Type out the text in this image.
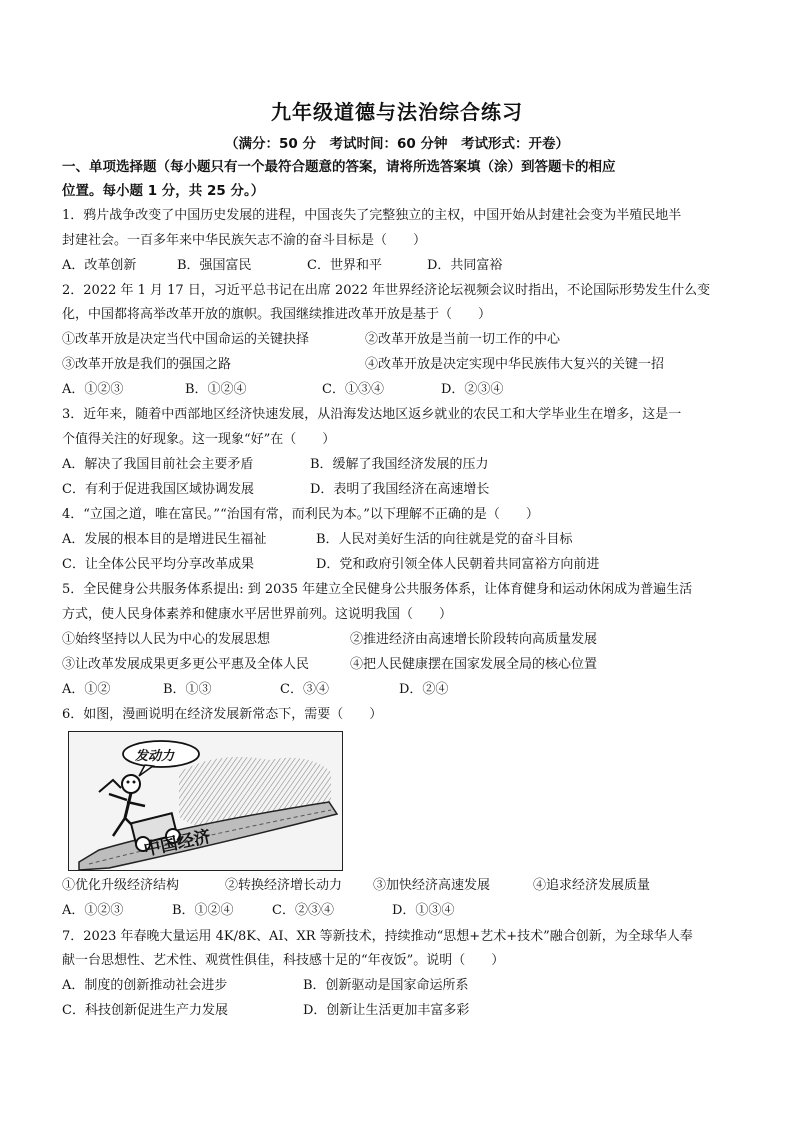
九年级道德与法治综合练习
（满分：50 分　考试时间：60 分钟　考试形式：开卷）
一、单项选择题（每小题只有一个最符合题意的答案，请将所选答案填（涂）到答题卡的相应
位置。每小题 1 分，共 25 分。）
1．鸦片战争改变了中国历史发展的进程，中国丧失了完整独立的主权，中国开始从封建社会变为半殖民地半
封建社会。一百多年来中华民族矢志不渝的奋斗目标是（　　）
A．改革创新	B．强国富民	C．世界和平	D．共同富裕
2．2022 年 1 月 17 日，习近平总书记在出席 2022 年世界经济论坛视频会议时指出，不论国际形势发生什么变
化，中国都将高举改革开放的旗帜。我国继续推进改革开放是基于（　　）
①改革开放是决定当代中国命运的关键抉择	②改革开放是当前一切工作的中心
③改革开放是我们的强国之路	④改革开放是决定实现中华民族伟大复兴的关键一招
A．①②③	B．①②④	C．①③④	D．②③④
3．近年来，随着中西部地区经济快速发展，从沿海发达地区返乡就业的农民工和大学毕业生在增多，这是一
个值得关注的好现象。这一现象“好”在（　　）
A．解决了我国目前社会主要矛盾	B．缓解了我国经济发展的压力
C．有利于促进我国区域协调发展	D．表明了我国经济在高速增长
4．“立国之道，唯在富民。”“治国有常，而利民为本。”以下理解不正确的是（　　）
A．发展的根本目的是增进民生福祉	B．人民对美好生活的向往就是党的奋斗目标
C．让全体公民平均分享改革成果	D．党和政府引领全体人民朝着共同富裕方向前进
5．全民健身公共服务体系提出: 到 2035 年建立全民健身公共服务体系，让体育健身和运动休闲成为普遍生活
方式，使人民身体素养和健康水平居世界前列。这说明我国（　　）
①始终坚持以人民为中心的发展思想	②推进经济由高速增长阶段转向高质量发展
③让改革发展成果更多更公平惠及全体人民	④把人民健康摆在国家发展全局的核心位置
A．①②	B．①③	C．③④	D．②④
6．如图，漫画说明在经济发展新常态下，需要（　　）
发动力
中国经济
①优化升级经济结构	②转换经济增长动力 ③加快经济高速发展	④追求经济发展质量
A．①②③	B．①②④	C．②③④	D．①③④
7．2023 年春晚大量运用 4K/8K、AI、XR 等新技术，持续推动“思想+艺术+技术”融合创新，为全球华人奉
献一台思想性、艺术性、观赏性俱佳，科技感十足的“年夜饭”。说明（　　）
A．制度的创新推动社会进步	B．创新驱动是国家命运所系
C．科技创新促进生产力发展	D．创新让生活更加丰富多彩
